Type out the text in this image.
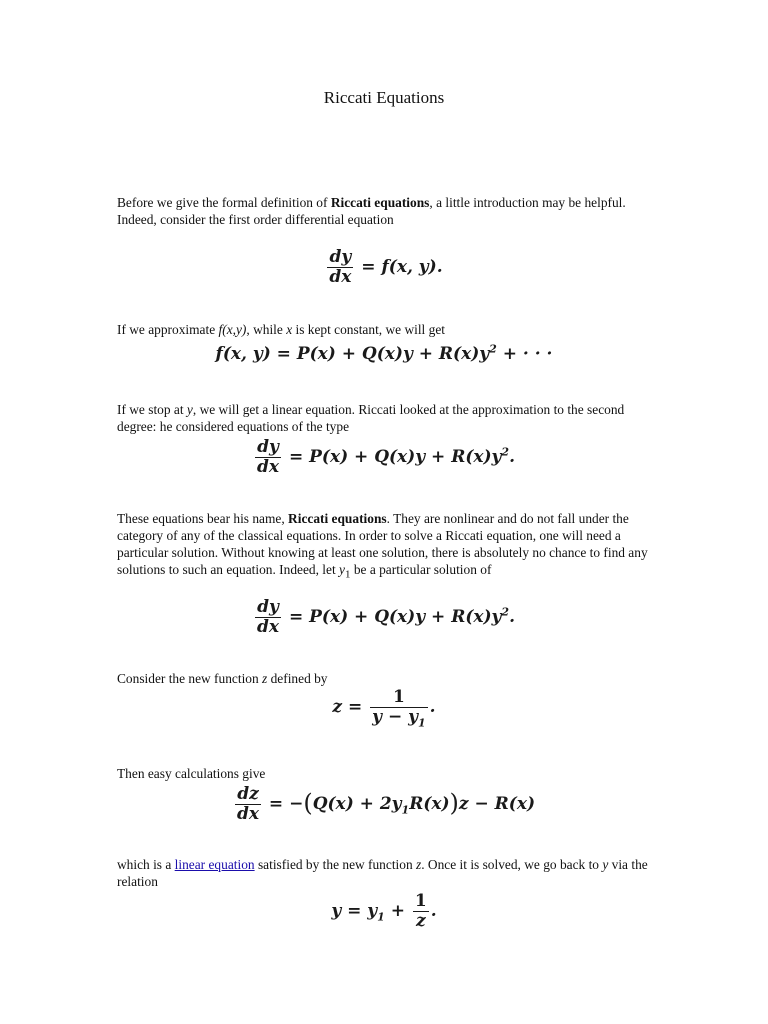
Riccati Equations
Before we give the formal definition of Riccati equations, a little introduction may be helpful. Indeed, consider the first order differential equation
$\frac{dy}{dx} = f(x$, y).
If we approximate f(x,y), while x is kept constant, we will get
f(x, $y) = P(x) + Q(x)y + R(x)y^2$ + · · ·
If we stop at y, we will get a linear equation. Riccati looked at the approximation to the second degree: he considered equations of the type
$\frac{dy}{dx} = P(x) + Q(x)y + R(x)y^2$.
These equations bear his name, Riccati equations. They are nonlinear and do not fall under the category of any of the classical equations. In order to solve a Riccati equation, one will need a particular solution. Without knowing at least one solution, there is absolutely no chance to find any solutions to such an equation. Indeed, let $y_1$ be a particular solution of
$\frac{dy}{dx} = P(x) + Q(x)y + R(x)y^2$.
Consider the new function z defined by
$z = \frac{1}{y - y_1}$ .
Then easy calculations give
$\frac{dz}{dx} = -(Q(x) + 2y_1R(x))z - R(x)$
which is a linear equation satisfied by the new function z. Once it is solved, we go back to y via the relation
$y = y_1 + \frac{1}{z}$ .
